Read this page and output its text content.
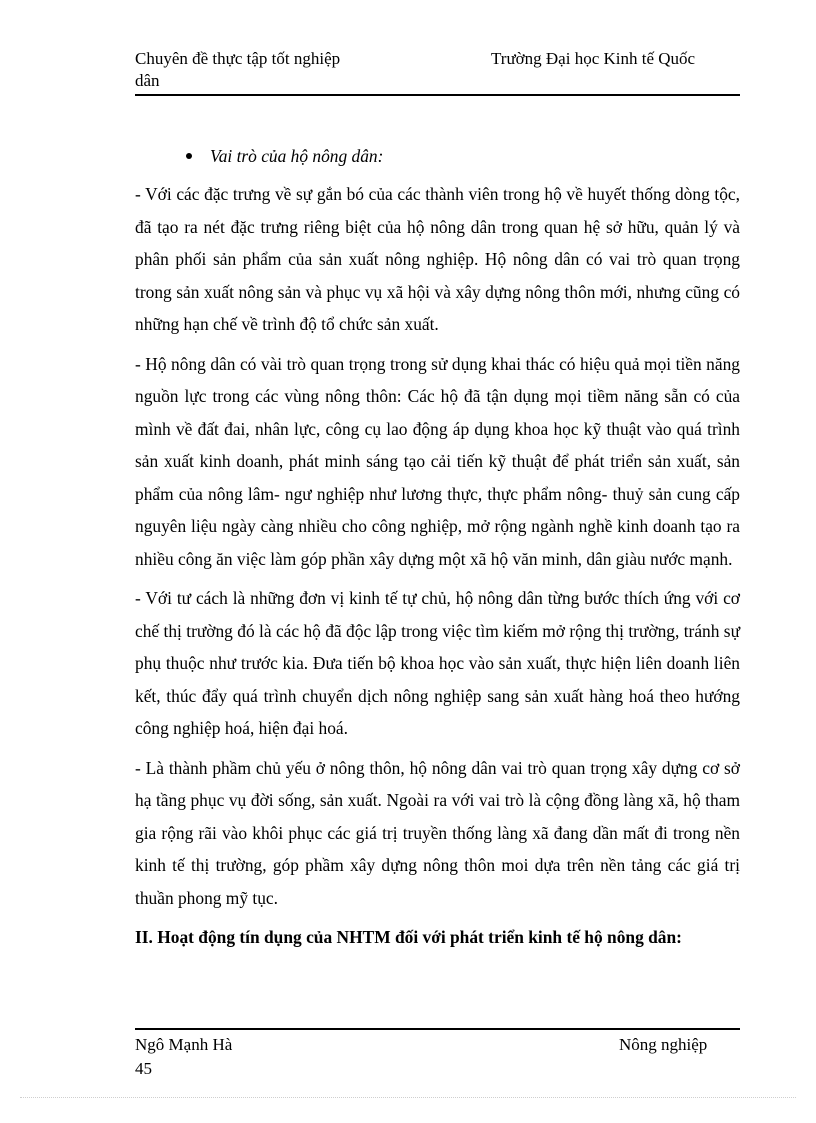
Chuyên đề thực tập tốt nghiệp	Trường Đại học Kinh tế Quốc
dân
Vai trò của hộ nông dân:

- Với các đặc trưng về sự gắn bó của các thành viên trong hộ về huyết thống dòng tộc, đã tạo ra nét đặc trưng riêng biệt của hộ nông dân trong quan hệ sở hữu, quản lý và phân phối sản phẩm của sản xuất nông nghiệp. Hộ nông dân có vai trò quan trọng trong sản xuất nông sản và phục vụ xã hội và xây dựng nông thôn mới, nhưng cũng có những hạn chế về trình độ tổ chức sản xuất.

- Hộ nông dân có vài trò quan trọng trong sử dụng khai thác có hiệu quả mọi tiền năng nguồn lực trong các vùng nông thôn: Các hộ đã tận dụng mọi tiềm năng sẵn có của mình về đất đai, nhân lực, công cụ lao động áp dụng khoa học kỹ thuật vào quá trình sản xuất kinh doanh, phát minh sáng tạo cải tiến kỹ thuật để phát triển sản xuất, sản phẩm của nông lâm- ngư nghiệp như lương thực, thực phẩm nông- thuỷ sản cung cấp nguyên liệu ngày càng nhiều cho công nghiệp, mở rộng ngành nghề kinh doanh tạo ra nhiều công ăn việc làm góp phần xây dựng một xã hộ văn minh, dân giàu nước mạnh.

- Với tư cách là những đơn vị kinh tế tự chủ, hộ nông dân từng bước thích ứng với cơ chế thị trường đó là các hộ đã độc lập trong việc tìm kiếm mở rộng thị trường, tránh sự phụ thuộc như trước kia. Đưa tiến bộ khoa học vào sản xuất, thực hiện liên doanh liên kết, thúc đẩy quá trình chuyển dịch nông nghiệp sang sản xuất hàng hoá theo hướng công nghiệp hoá, hiện đại hoá.

- Là thành phầm chủ yếu ở nông thôn, hộ nông dân vai trò quan trọng xây dựng cơ sở hạ tầng phục vụ đời sống, sản xuất. Ngoài ra với vai trò là cộng đồng làng xã, hộ tham gia rộng rãi vào khôi phục các giá trị truyền thống làng xã đang dần mất đi trong nền kinh tế thị trường, góp phầm xây dựng nông thôn moi dựa trên nền tảng các giá trị thuần phong mỹ tục.

II. Hoạt động tín dụng của NHTM đối với phát triển kinh tế hộ nông dân:

Ngô Mạnh Hà	Nông nghiệp
45
